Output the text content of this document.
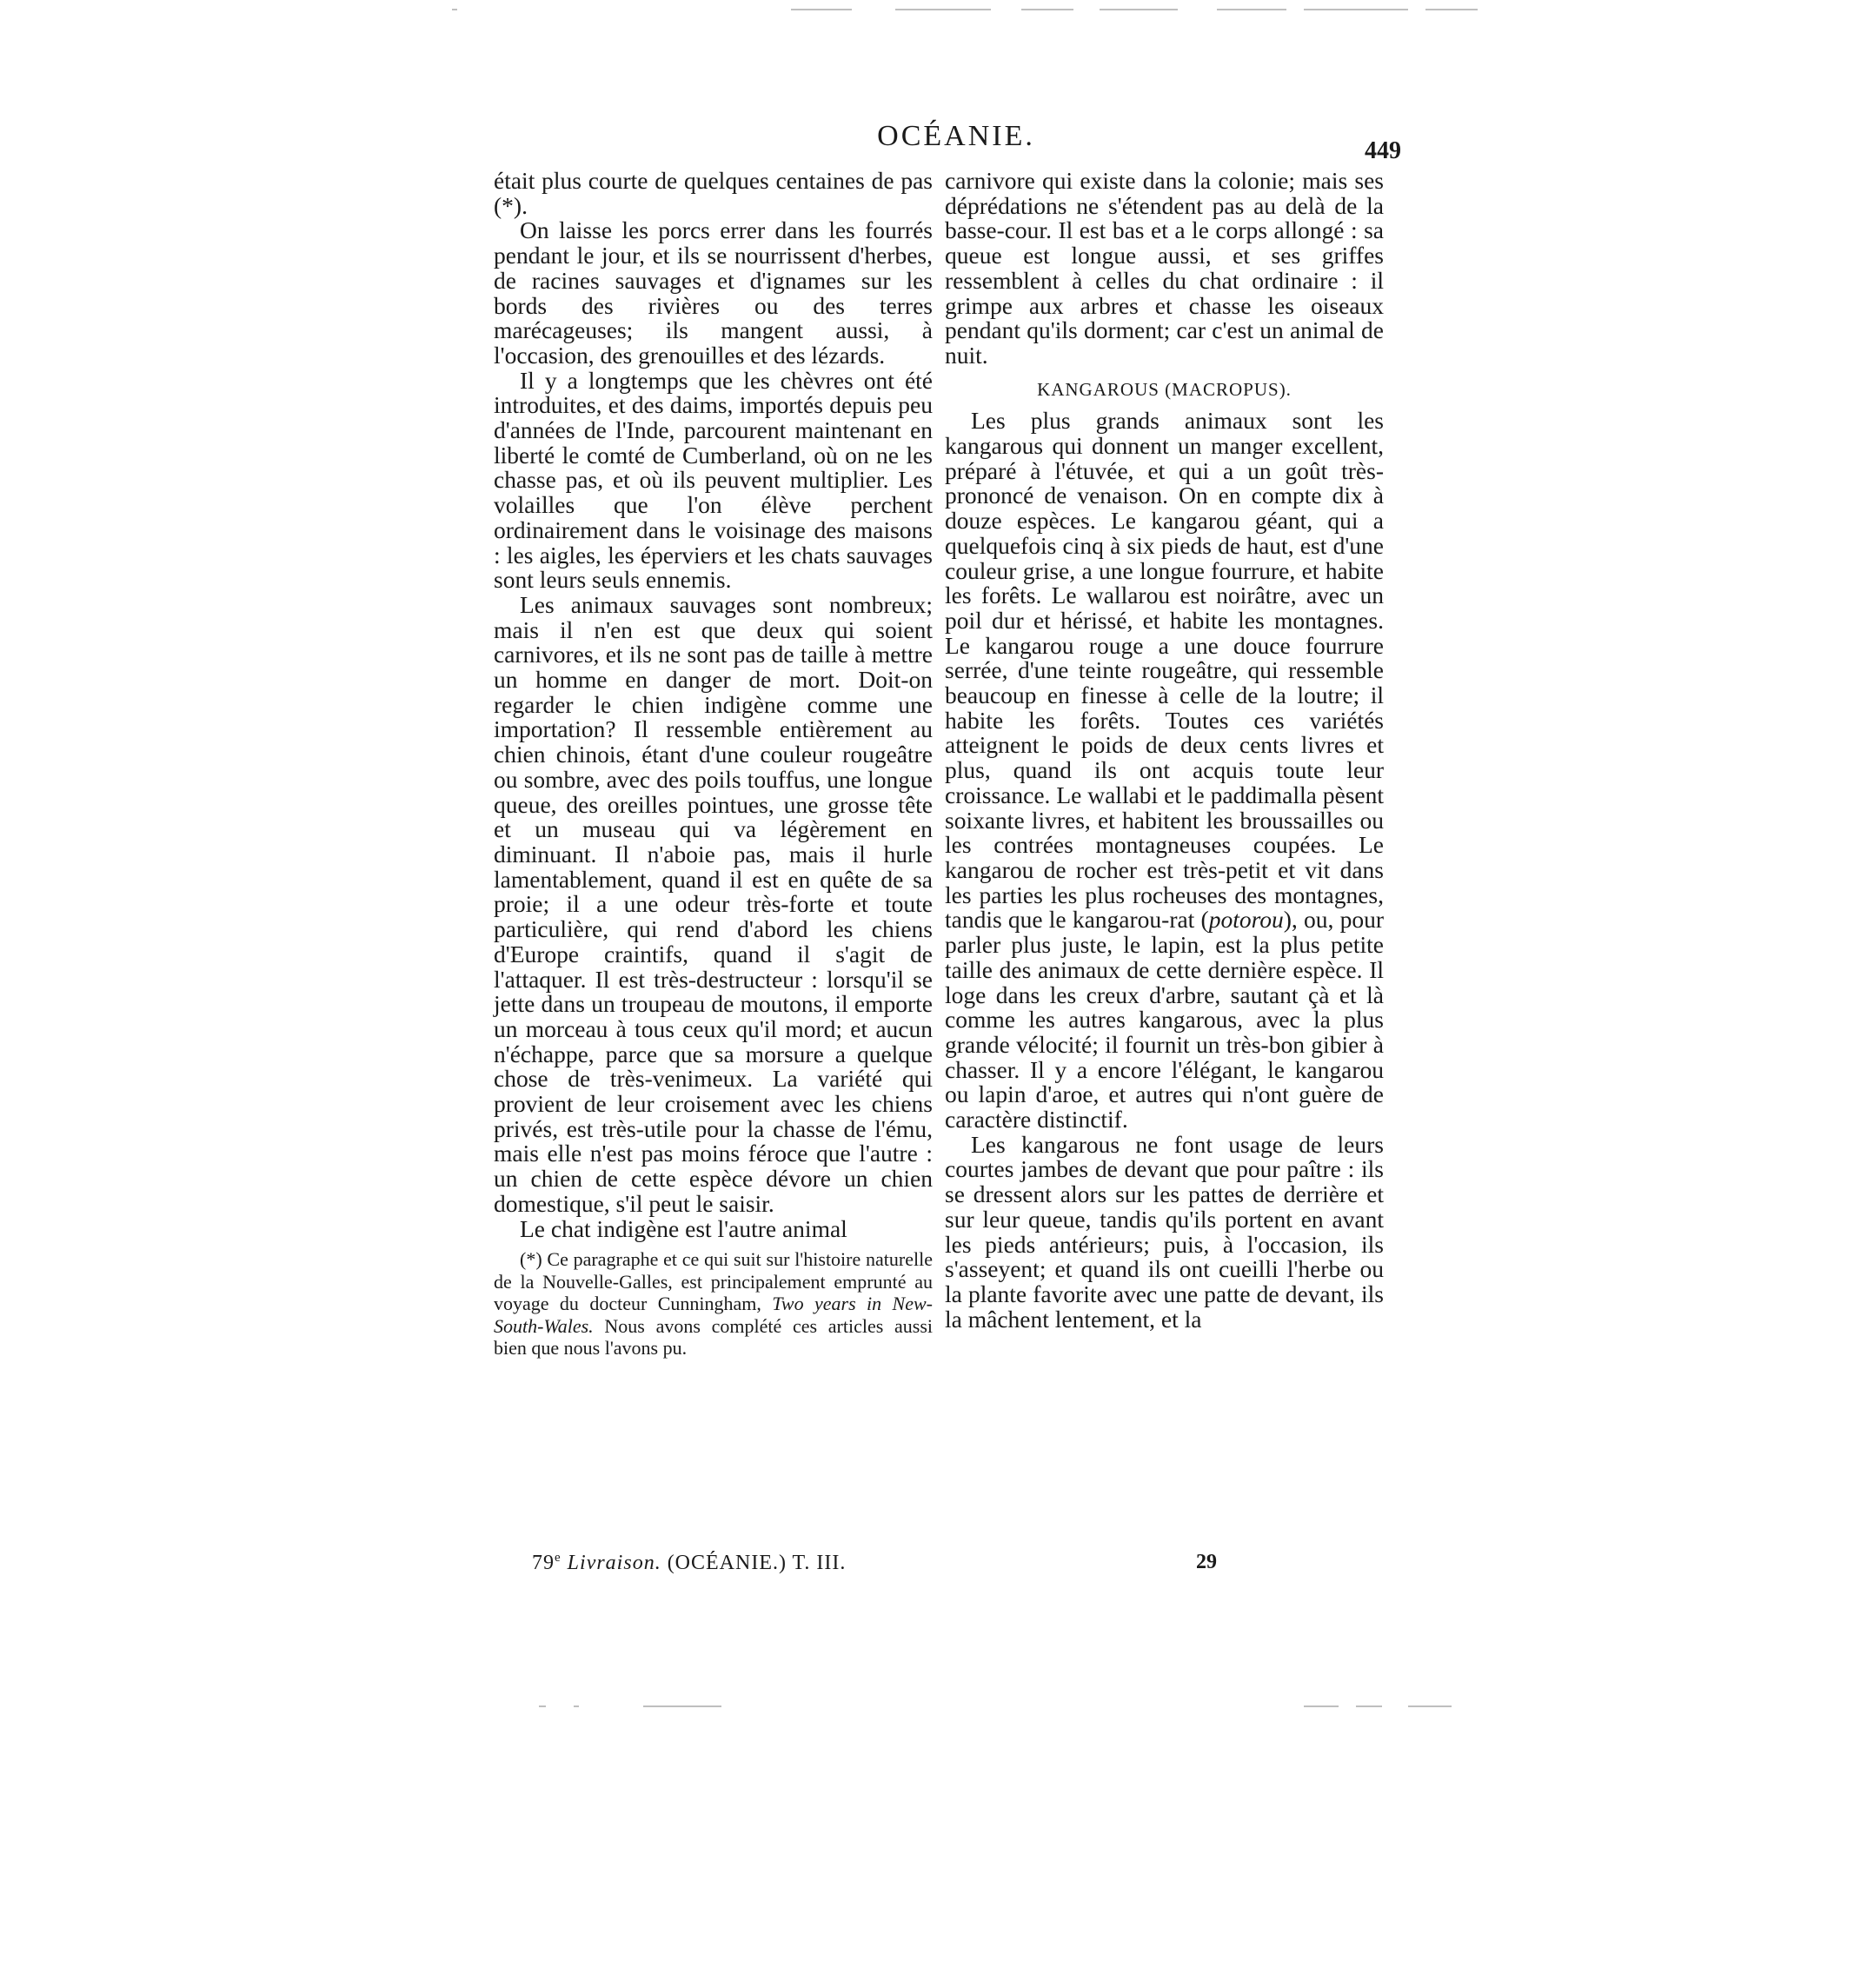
OCÉANIE.	449

était plus courte de quelques centaines de pas (*).

On laisse les porcs errer dans les fourrés pendant le jour, et ils se nourrissent d'herbes, de racines sauvages et d'ignames sur les bords des rivières ou des terres marécageuses; ils mangent aussi, à l'occasion, des grenouilles et des lézards.

Il y a longtemps que les chèvres ont été introduites, et des daims, importés depuis peu d'années de l'Inde, parcourent maintenant en liberté le comté de Cumberland, où on ne les chasse pas, et où ils peuvent multiplier. Les volailles que l'on élève perchent ordinairement dans le voisinage des maisons : les aigles, les éperviers et les chats sauvages sont leurs seuls ennemis.

Les animaux sauvages sont nombreux; mais il n'en est que deux qui soient carnivores, et ils ne sont pas de taille à mettre un homme en danger de mort. Doit-on regarder le chien indigène comme une importation? Il ressemble entièrement au chien chinois, étant d'une couleur rougeâtre ou sombre, avec des poils touffus, une longue queue, des oreilles pointues, une grosse tête et un museau qui va légèrement en diminuant. Il n'aboie pas, mais il hurle lamentablement, quand il est en quête de sa proie; il a une odeur très-forte et toute particulière, qui rend d'abord les chiens d'Europe craintifs, quand il s'agit de l'attaquer. Il est très-destructeur : lorsqu'il se jette dans un troupeau de moutons, il emporte un morceau à tous ceux qu'il mord; et aucun n'échappe, parce que sa morsure a quelque chose de très-venimeux. La variété qui provient de leur croisement avec les chiens privés, est très-utile pour la chasse de l'ému, mais elle n'est pas moins féroce que l'autre : un chien de cette espèce dévore un chien domestique, s'il peut le saisir.

Le chat indigène est l'autre animal

(*) Ce paragraphe et ce qui suit sur l'histoire naturelle de la Nouvelle-Galles, est principalement emprunté au voyage du docteur Cunningham, Two years in New-South-Wales. Nous avons complété ces articles aussi bien que nous l'avons pu.

carnivore qui existe dans la colonie; mais ses déprédations ne s'étendent pas au delà de la basse-cour. Il est bas et a le corps allongé : sa queue est longue aussi, et ses griffes ressemblent à celles du chat ordinaire : il grimpe aux arbres et chasse les oiseaux pendant qu'ils dorment; car c'est un animal de nuit.

KANGAROUS (MACROPUS).

Les plus grands animaux sont les kangarous qui donnent un manger excellent, préparé à l'étuvée, et qui a un goût très-prononcé de venaison. On en compte dix à douze espèces. Le kangarou géant, qui a quelquefois cinq à six pieds de haut, est d'une couleur grise, a une longue fourrure, et habite les forêts. Le wallarou est noirâtre, avec un poil dur et hérissé, et habite les montagnes. Le kangarou rouge a une douce fourrure serrée, d'une teinte rougeâtre, qui ressemble beaucoup en finesse à celle de la loutre; il habite les forêts. Toutes ces variétés atteignent le poids de deux cents livres et plus, quand ils ont acquis toute leur croissance. Le wallabi et le paddimalla pèsent soixante livres, et habitent les broussailles ou les contrées montagneuses coupées. Le kangarou de rocher est très-petit et vit dans les parties les plus rocheuses des montagnes, tandis que le kangarou-rat (potorou), ou, pour parler plus juste, le lapin, est la plus petite taille des animaux de cette dernière espèce. Il loge dans les creux d'arbre, sautant çà et là comme les autres kangarous, avec la plus grande vélocité; il fournit un très-bon gibier à chasser. Il y a encore l'élégant, le kangarou ou lapin d'aroe, et autres qui n'ont guère de caractère distinctif.

Les kangarous ne font usage de leurs courtes jambes de devant que pour paître : ils se dressent alors sur les pattes de derrière et sur leur queue, tandis qu'ils portent en avant les pieds antérieurs; puis, à l'occasion, ils s'asseyent; et quand ils ont cueilli l'herbe ou la plante favorite avec une patte de devant, ils la mâchent lentement, et la

79e Livraison. (OCÉANIE.) T. III.	29
